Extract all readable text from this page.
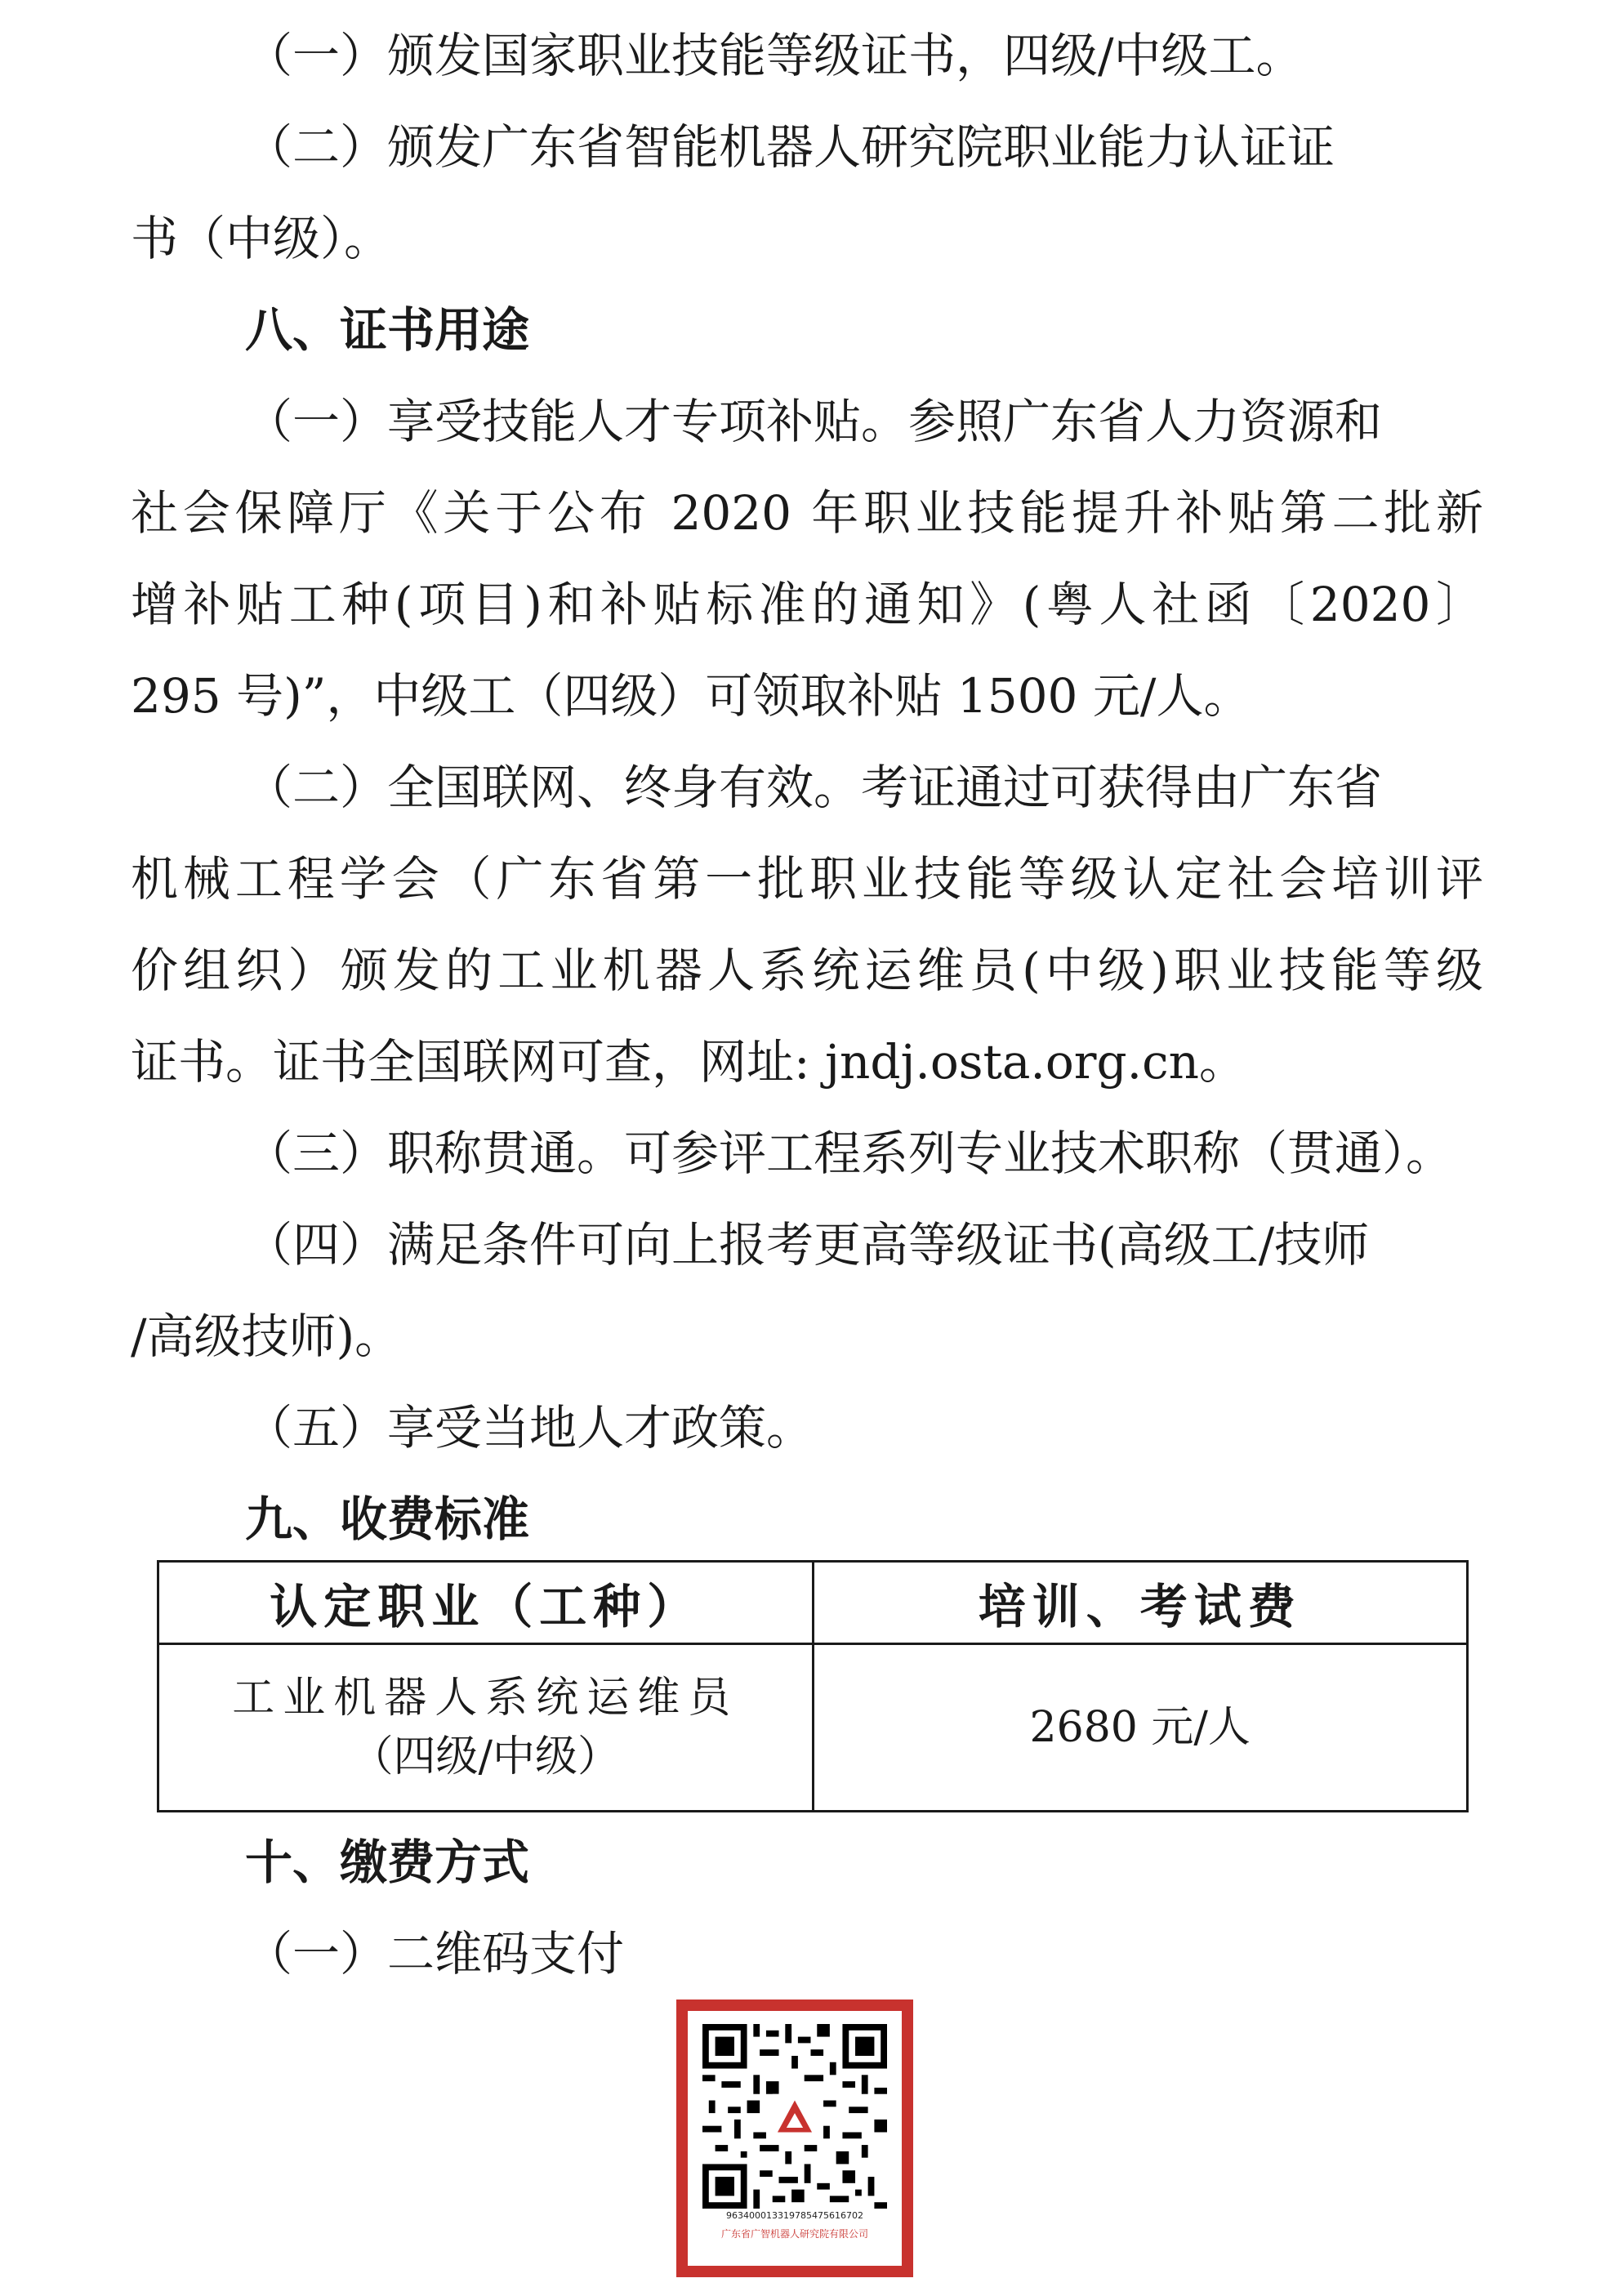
（一）颁发国家职业技能等级证书，四级/中级工。

（二）颁发广东省智能机器人研究院职业能力认证证

书（中级）。

八、证书用途

（一）享受技能人才专项补贴。参照广东省人力资源和

社会保障厅《关于公布 2020 年职业技能提升补贴第二批新

增补贴工种(项目)和补贴标准的通知》(粤人社函〔2020〕

295 号)”，中级工（四级）可领取补贴 1500 元/人。

（二）全国联网、终身有效。考证通过可获得由广东省

机械工程学会（广东省第一批职业技能等级认定社会培训评

价组织）颁发的工业机器人系统运维员(中级)职业技能等级

证书。证书全国联网可查，网址: jndj.osta.org.cn。

（三）职称贯通。可参评工程系列专业技术职称（贯通）。

（四）满足条件可向上报考更高等级证书(高级工/技师

/高级技师)。

（五）享受当地人才政策。

九、收费标准

认定职业（工种）	培训、考试费

工业机器人系统运维员
（四级/中级）	2680 元/人

十、缴费方式

（一）二维码支付

963400013319785475616702
广东省广智机器人研究院有限公司
